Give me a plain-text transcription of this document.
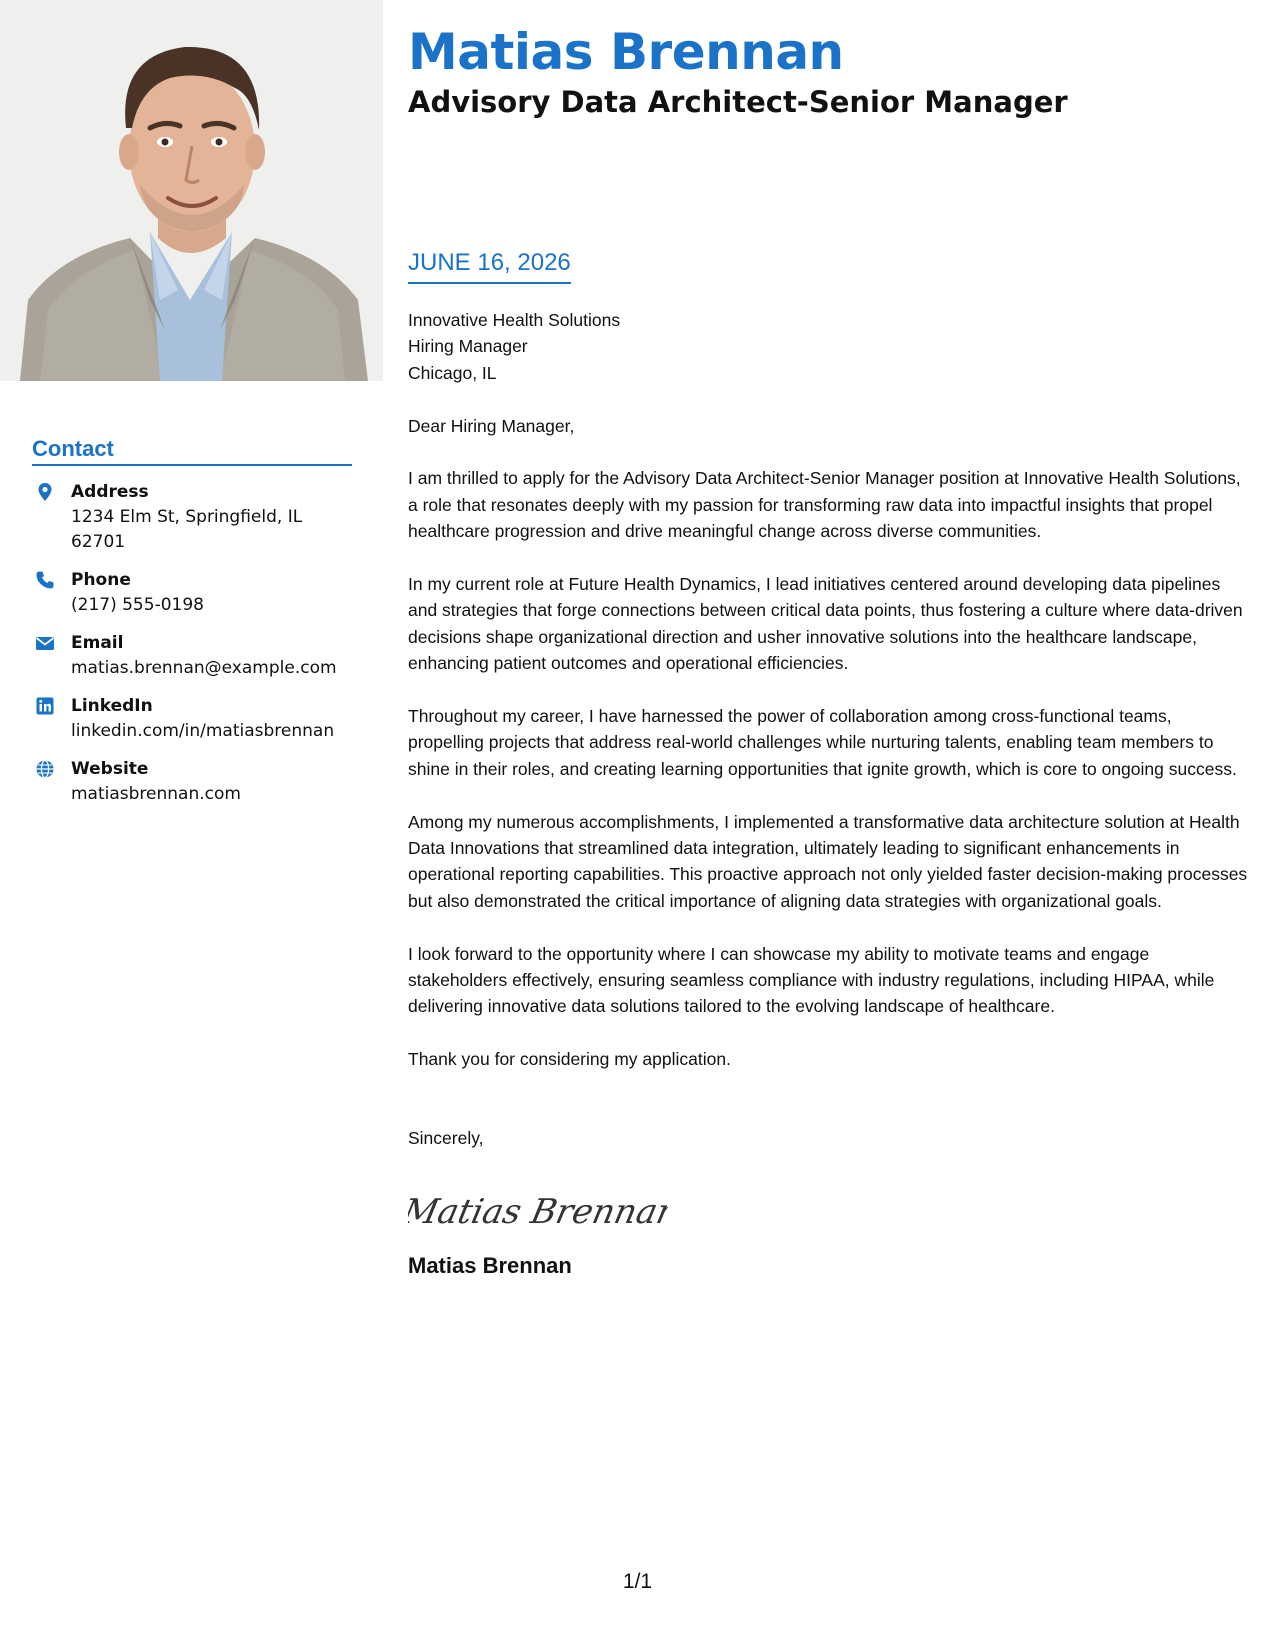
Contact
Address
1234 Elm St, Springfield, IL 62701
Phone
(217) 555-0198
Email
matias.brennan@example.com
LinkedIn
linkedin.com/in/matiasbrennan
Website
matiasbrennan.com
Matias Brennan
Advisory Data Architect-Senior Manager
JUNE 16, 2026
Innovative Health Solutions
Hiring Manager
Chicago, IL

Dear Hiring Manager,

I am thrilled to apply for the Advisory Data Architect-Senior Manager position at Innovative Health Solutions, a role that resonates deeply with my passion for transforming raw data into impactful insights that propel healthcare progression and drive meaningful change across diverse communities.

In my current role at Future Health Dynamics, I lead initiatives centered around developing data pipelines and strategies that forge connections between critical data points, thus fostering a culture where data-driven decisions shape organizational direction and usher innovative solutions into the healthcare landscape, enhancing patient outcomes and operational efficiencies.

Throughout my career, I have harnessed the power of collaboration among cross-functional teams, propelling projects that address real-world challenges while nurturing talents, enabling team members to shine in their roles, and creating learning opportunities that ignite growth, which is core to ongoing success.

Among my numerous accomplishments, I implemented a transformative data architecture solution at Health Data Innovations that streamlined data integration, ultimately leading to significant enhancements in operational reporting capabilities. This proactive approach not only yielded faster decision-making processes but also demonstrated the critical importance of aligning data strategies with organizational goals.

I look forward to the opportunity where I can showcase my ability to motivate teams and engage stakeholders effectively, ensuring seamless compliance with industry regulations, including HIPAA, while delivering innovative data solutions tailored to the evolving landscape of healthcare.

Thank you for considering my application.

Sincerely,
Matias Brennan
Matias Brennan
1/1
